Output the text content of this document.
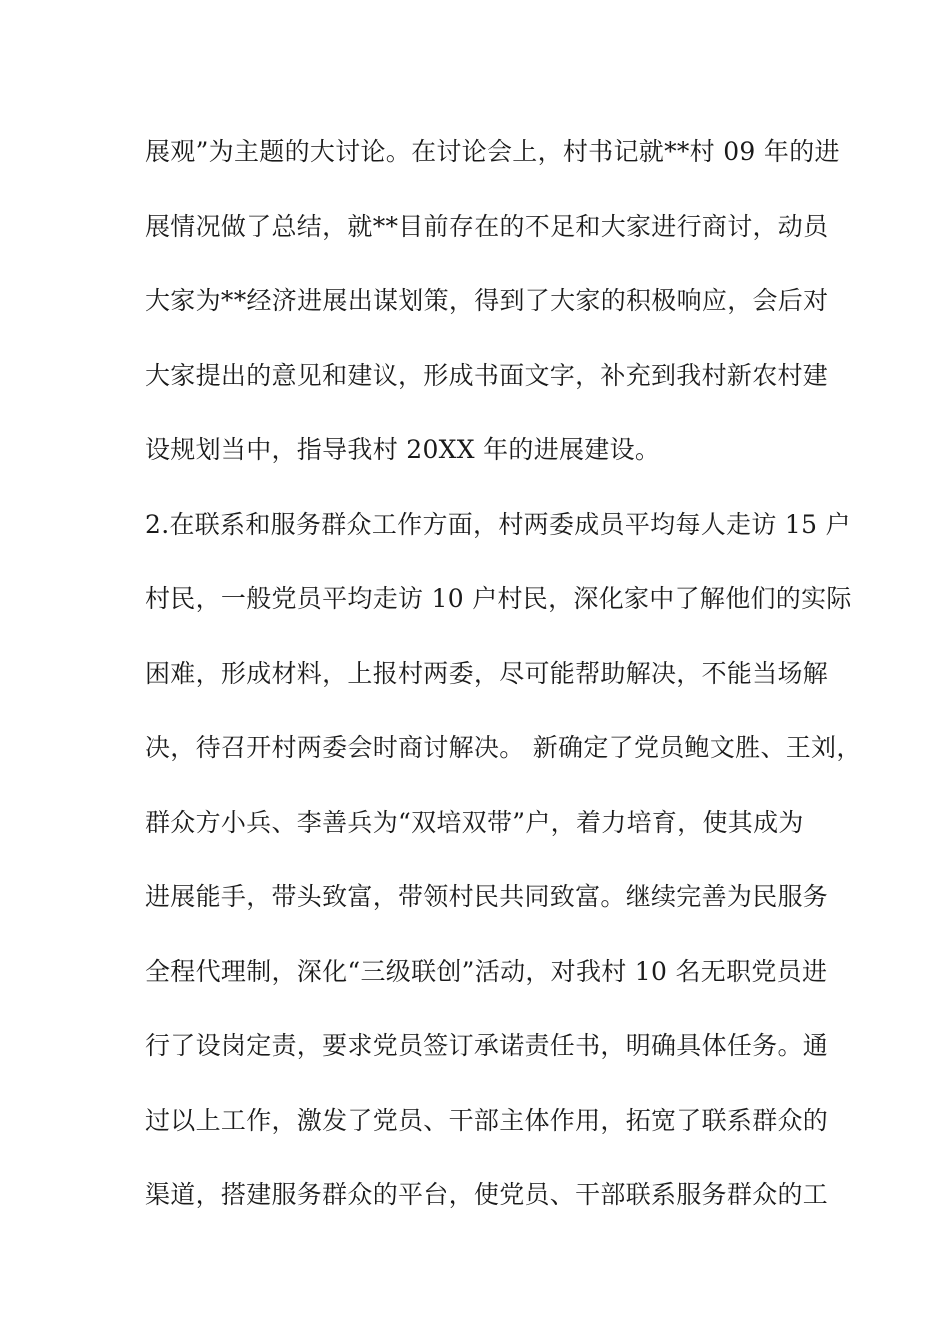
展观”为主题的大讨论。在讨论会上，村书记就**村 09 年的进
展情况做了总结，就**目前存在的不足和大家进行商讨，动员
大家为**经济进展出谋划策，得到了大家的积极响应，会后对
大家提出的意见和建议，形成书面文字，补充到我村新农村建
设规划当中，指导我村 20XX 年的进展建设。
2.在联系和服务群众工作方面，村两委成员平均每人走访 15 户
村民，一般党员平均走访 10 户村民，深化家中了解他们的实际
困难，形成材料，上报村两委，尽可能帮助解决，不能当场解
决，待召开村两委会时商讨解决。 新确定了党员鲍文胜、王刘，
群众方小兵、李善兵为“双培双带”户，着力培育，使其成为
进展能手，带头致富，带领村民共同致富。继续完善为民服务
全程代理制，深化“三级联创”活动，对我村 10 名无职党员进
行了设岗定责，要求党员签订承诺责任书，明确具体任务。通
过以上工作，激发了党员、干部主体作用，拓宽了联系群众的
渠道，搭建服务群众的平台，使党员、干部联系服务群众的工
